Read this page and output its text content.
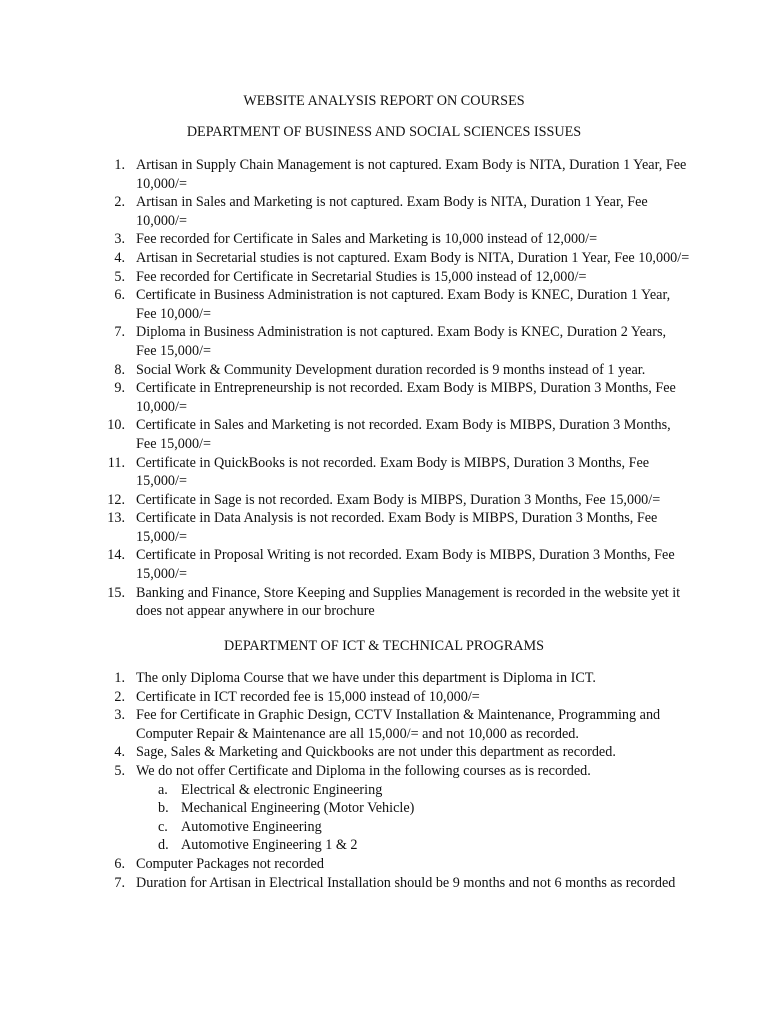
WEBSITE ANALYSIS REPORT ON COURSES
DEPARTMENT OF BUSINESS AND SOCIAL SCIENCES ISSUES
1. Artisan in Supply Chain Management is not captured. Exam Body is NITA, Duration 1 Year, Fee 10,000/=
2. Artisan in Sales and Marketing is not captured. Exam Body is NITA, Duration 1 Year, Fee 10,000/=
3. Fee recorded for Certificate in Sales and Marketing is 10,000 instead of 12,000/=
4. Artisan in Secretarial studies is not captured. Exam Body is NITA, Duration 1 Year, Fee 10,000/=
5. Fee recorded for Certificate in Secretarial Studies is 15,000 instead of 12,000/=
6. Certificate in Business Administration is not captured. Exam Body is KNEC, Duration 1 Year, Fee 10,000/=
7. Diploma in Business Administration is not captured. Exam Body is KNEC, Duration 2 Years, Fee 15,000/=
8. Social Work & Community Development duration recorded is 9 months instead of 1 year.
9. Certificate in Entrepreneurship is not recorded. Exam Body is MIBPS, Duration 3 Months, Fee 10,000/=
10. Certificate in Sales and Marketing is not recorded. Exam Body is MIBPS, Duration 3 Months, Fee 15,000/=
11. Certificate in QuickBooks is not recorded. Exam Body is MIBPS, Duration 3 Months, Fee 15,000/=
12. Certificate in Sage is not recorded. Exam Body is MIBPS, Duration 3 Months, Fee 15,000/=
13. Certificate in Data Analysis is not recorded. Exam Body is MIBPS, Duration 3 Months, Fee 15,000/=
14. Certificate in Proposal Writing is not recorded. Exam Body is MIBPS, Duration 3 Months, Fee 15,000/=
15. Banking and Finance, Store Keeping and Supplies Management is recorded in the website yet it does not appear anywhere in our brochure
DEPARTMENT OF ICT & TECHNICAL PROGRAMS
1. The only Diploma Course that we have under this department is Diploma in ICT.
2. Certificate in ICT recorded fee is 15,000 instead of 10,000/=
3. Fee for Certificate in Graphic Design, CCTV Installation & Maintenance, Programming and Computer Repair & Maintenance are all 15,000/= and not 10,000 as recorded.
4. Sage, Sales & Marketing and Quickbooks are not under this department as recorded.
5. We do not offer Certificate and Diploma in the following courses as is recorded.
a. Electrical & electronic Engineering
b. Mechanical Engineering (Motor Vehicle)
c. Automotive Engineering
d. Automotive Engineering 1 & 2
6. Computer Packages not recorded
7. Duration for Artisan in Electrical Installation should be 9 months and not 6 months as recorded
